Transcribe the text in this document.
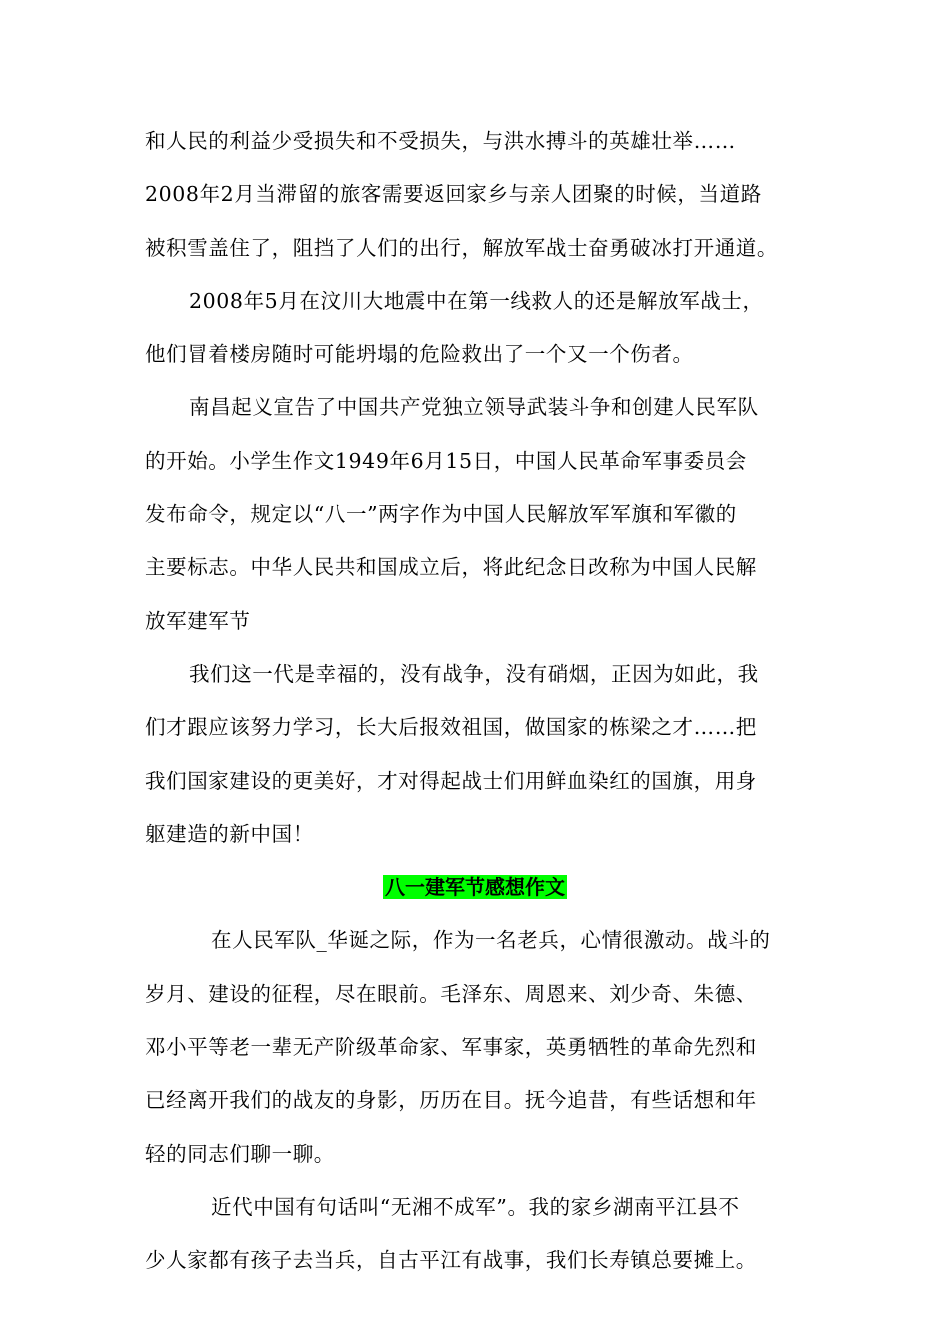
和人民的利益少受损失和不受损失，与洪水搏斗的英雄壮举……
2008年2月当滞留的旅客需要返回家乡与亲人团聚的时候，当道路
被积雪盖住了，阻挡了人们的出行，解放军战士奋勇破冰打开通道。
2008年5月在汶川大地震中在第一线救人的还是解放军战士，
他们冒着楼房随时可能坍塌的危险救出了一个又一个伤者。
南昌起义宣告了中国共产党独立领导武装斗争和创建人民军队
的开始。小学生作文1949年6月15日，中国人民革命军事委员会
发布命令，规定以“八一”两字作为中国人民解放军军旗和军徽的
主要标志。中华人民共和国成立后，将此纪念日改称为中国人民解
放军建军节
我们这一代是幸福的，没有战争，没有硝烟，正因为如此，我
们才跟应该努力学习，长大后报效祖国，做国家的栋梁之才……把
我们国家建设的更美好，才对得起战士们用鲜血染红的国旗，用身
躯建造的新中国！
八一建军节感想作文
在人民军队_华诞之际，作为一名老兵，心情很激动。战斗的
岁月、建设的征程，尽在眼前。毛泽东、周恩来、刘少奇、朱德、
邓小平等老一辈无产阶级革命家、军事家，英勇牺牲的革命先烈和
已经离开我们的战友的身影，历历在目。抚今追昔，有些话想和年
轻的同志们聊一聊。
近代中国有句话叫“无湘不成军”。我的家乡湖南平江县不
少人家都有孩子去当兵，自古平江有战事，我们长寿镇总要摊上。
